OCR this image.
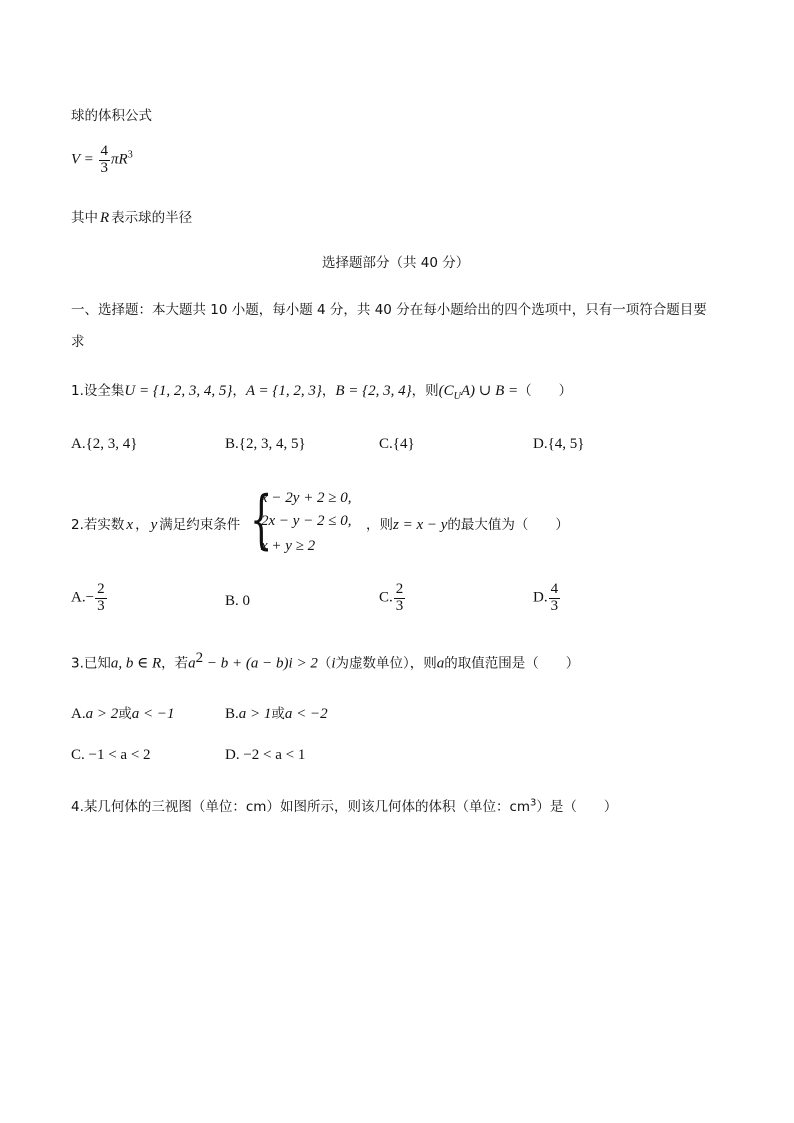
球的体积公式
$V = \frac{4}{3} \pi R^3$
其中 R 表示球的半径
选择题部分（共 40 分）
一、选择题：本大题共 10 小题，每小题 4 分，共 40 分在每小题给出的四个选项中，只有一项符合题目要
求
1.设全集U = {1, 2, 3, 4, 5}，A = {1, 2, 3}，B = {2, 3, 4}，则$(C_UA)$ ∪ B =（　　）
A.{2, 3, 4}	B.{2, 3, 4, 5}	C.{4}	D.{4, 5}
2.若实数 x ， y 满足约束条件 {
x − 2y + 2 ≥ 0,
2x − y − 2 ≤ 0,
x + y ≥ 2
，则z = x − y的最大值为（　　）
$A.- \frac{2}{3}$	B. 0	C. $\frac{2}{3}$	D. $\frac{4}{3}$
3.已知a, b ∈ R，若$a^2 - b + (a - b)i > 2(i$为虚数单位），则a的取值范围是（　　）
A.a > 2或a < −1	B.a > 1或a < −2
C. −1 < a < 2	D. −2 < a < 1
4.某几何体的三视图（单位：cm）如图所示，则该几何体的体积（单位：$cm^3$）是（　　）
